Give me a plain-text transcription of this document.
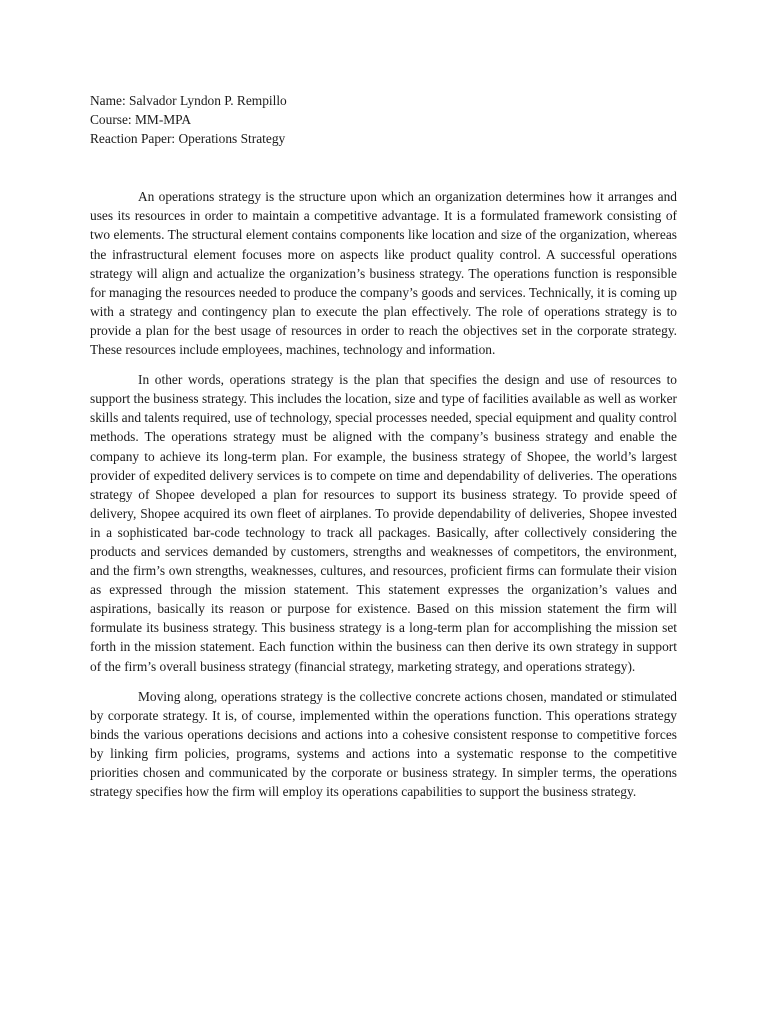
Name: Salvador Lyndon P. Rempillo

Course: MM-MPA

Reaction Paper: Operations Strategy

An operations strategy is the structure upon which an organization determines how it arranges and uses its resources in order to maintain a competitive advantage. It is a formulated framework consisting of two elements. The structural element contains components like location and size of the organization, whereas the infrastructural element focuses more on aspects like product quality control. A successful operations strategy will align and actualize the organization’s business strategy. The operations function is responsible for managing the resources needed to produce the company’s goods and services. Technically, it is coming up with a strategy and contingency plan to execute the plan effectively. The role of operations strategy is to provide a plan for the best usage of resources in order to reach the objectives set in the corporate strategy. These resources include employees, machines, technology and information.

In other words, operations strategy is the plan that specifies the design and use of resources to support the business strategy. This includes the location, size and type of facilities available as well as worker skills and talents required, use of technology, special processes needed, special equipment and quality control methods. The operations strategy must be aligned with the company’s business strategy and enable the company to achieve its long-term plan. For example, the business strategy of Shopee, the world’s largest provider of expedited delivery services is to compete on time and dependability of deliveries. The operations strategy of Shopee developed a plan for resources to support its business strategy. To provide speed of delivery, Shopee acquired its own fleet of airplanes. To provide dependability of deliveries, Shopee invested in a sophisticated bar-code technology to track all packages. Basically, after collectively considering the products and services demanded by customers, strengths and weaknesses of competitors, the environment, and the firm’s own strengths, weaknesses, cultures, and resources, proficient firms can formulate their vision as expressed through the mission statement. This statement expresses the organization’s values and aspirations, basically its reason or purpose for existence. Based on this mission statement the firm will formulate its business strategy. This business strategy is a long-term plan for accomplishing the mission set forth in the mission statement. Each function within the business can then derive its own strategy in support of the firm’s overall business strategy (financial strategy, marketing strategy, and operations strategy).

Moving along, operations strategy is the collective concrete actions chosen, mandated or stimulated by corporate strategy. It is, of course, implemented within the operations function. This operations strategy binds the various operations decisions and actions into a cohesive consistent response to competitive forces by linking firm policies, programs, systems and actions into a systematic response to the competitive priorities chosen and communicated by the corporate or business strategy. In simpler terms, the operations strategy specifies how the firm will employ its operations capabilities to support the business strategy.
